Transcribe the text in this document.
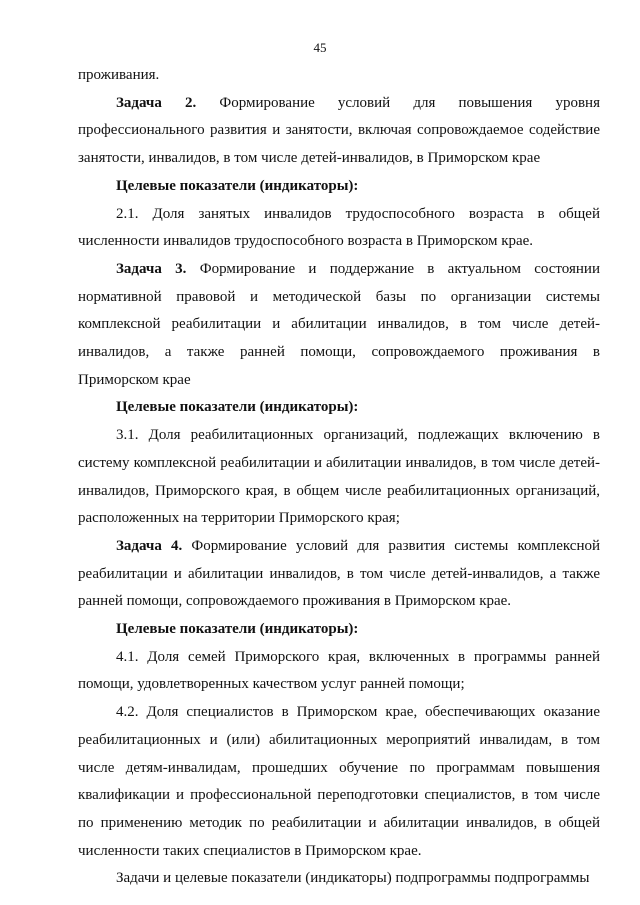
45

проживания.

Задача 2. Формирование условий для повышения уровня профессионального развития и занятости, включая сопровождаемое содействие занятости, инвалидов, в том числе детей-инвалидов, в Приморском крае

Целевые показатели (индикаторы):

2.1. Доля занятых инвалидов трудоспособного возраста в общей численности инвалидов трудоспособного возраста в Приморском крае.

Задача 3. Формирование и поддержание в актуальном состоянии нормативной правовой и методической базы по организации системы комплексной реабилитации и абилитации инвалидов, в том числе детей-инвалидов, а также ранней помощи, сопровождаемого проживания в Приморском крае

Целевые показатели (индикаторы):

3.1. Доля реабилитационных организаций, подлежащих включению в систему комплексной реабилитации и абилитации инвалидов, в том числе детей-инвалидов, Приморского края, в общем числе реабилитационных организаций, расположенных на территории Приморского края;

Задача 4. Формирование условий для развития системы комплексной реабилитации и абилитации инвалидов, в том числе детей-инвалидов, а также ранней помощи, сопровождаемого проживания в Приморском крае.

Целевые показатели (индикаторы):

4.1. Доля семей Приморского края, включенных в программы ранней помощи, удовлетворенных качеством услуг ранней помощи;

4.2. Доля специалистов в Приморском крае, обеспечивающих оказание реабилитационных и (или) абилитационных мероприятий инвалидам, в том числе детям-инвалидам, прошедших обучение по программам повышения квалификации и профессиональной переподготовки специалистов, в том числе по применению методик по реабилитации и абилитации инвалидов, в общей численности таких специалистов в Приморском крае.

Задачи и целевые показатели (индикаторы) подпрограммы подпрограммы
